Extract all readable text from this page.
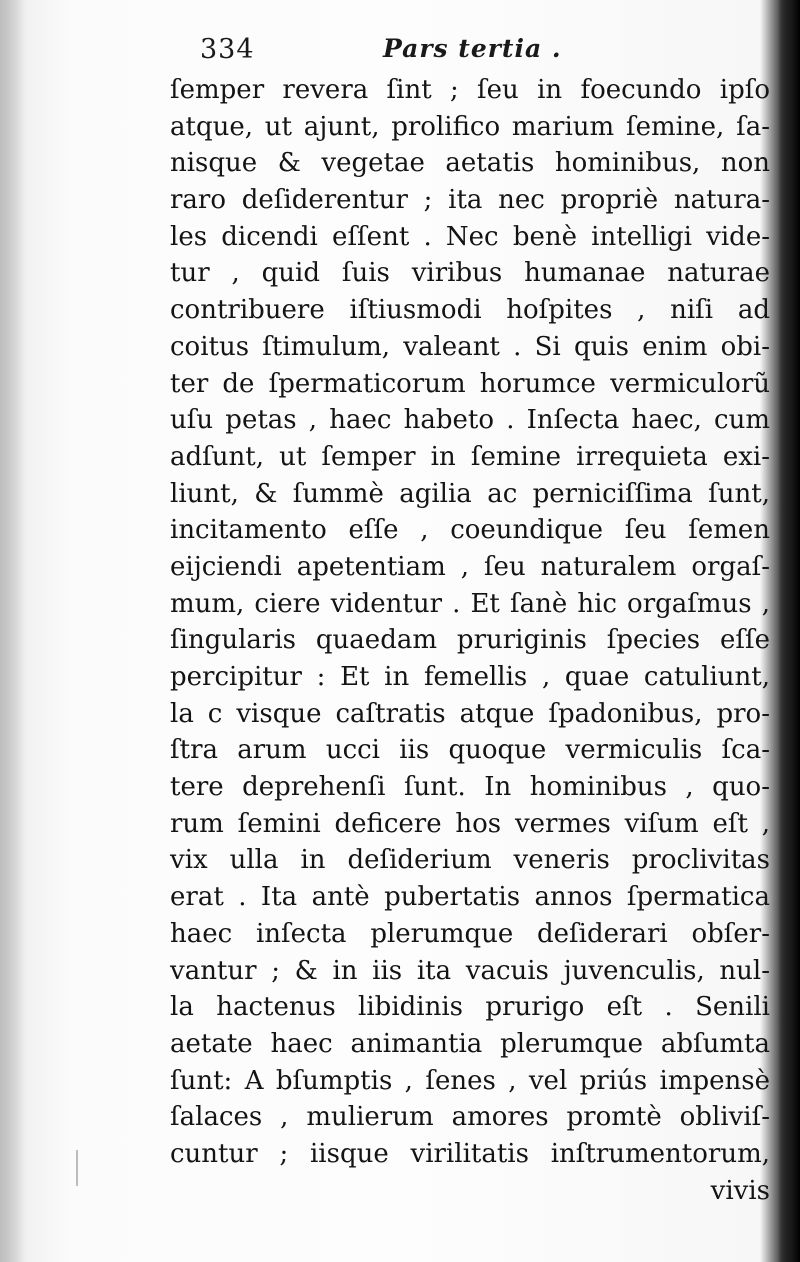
334	Pars tertia .
ſemper revera ſint ; ſeu in foecundo ipſo
atque, ut ajunt, prolifico marium ſemine, ſa-
nisque & vegetae aetatis hominibus, non
raro deſiderentur ; ita nec propriè natura-
les dicendi eſſent . Nec benè intelligi vide-
tur , quid ſuis viribus humanae naturae
contribuere iſtiusmodi hoſpites , niſi ad
coitus ſtimulum, valeant . Si quis enim obi-
ter de ſpermaticorum horumce vermiculorũ
uſu petas , haec habeto . Inſecta haec, cum
adſunt, ut ſemper in ſemine irrequieta exi-
liunt, & ſummè agilia ac perniciſſima ſunt,
incitamento eſſe , coeundique ſeu ſemen
eijciendi apetentiam , ſeu naturalem orgaſ-
mum, ciere videntur . Et ſanè hic orgaſmus ,
ſingularis quaedam pruriginis ſpecies eſſe
percipitur : Et in femellis , quae catuliunt,
la c visque caſtratis atque ſpadonibus, pro-
ſtra arum ucci iis quoque vermiculis ſca-
tere deprehenſi ſunt. In hominibus , quo-
rum ſemini deficere hos vermes viſum eſt ,
vix ulla in deſiderium veneris proclivitas
erat . Ita antè pubertatis annos ſpermatica
haec inſecta plerumque deſiderari obſer-
vantur ; & in iis ita vacuis juvenculis, nul-
la hactenus libidinis prurigo eſt . Senili
aetate haec animantia plerumque abſumta
ſunt: A bſumptis , ſenes , vel priús impensè
ſalaces , mulierum amores promtè obliviſ-
cuntur ; iisque virilitatis inſtrumentorum,
vivis
